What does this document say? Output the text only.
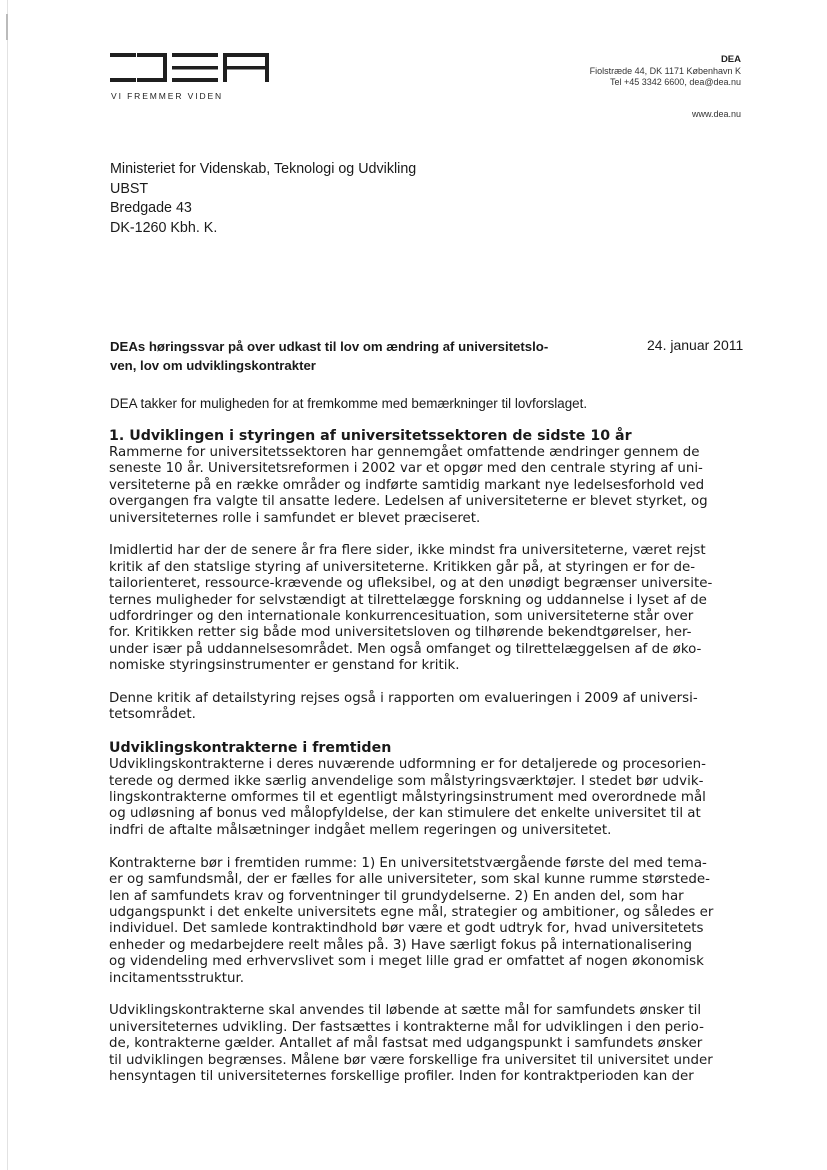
VI FREMMER VIDEN
DEA
Fiolstræde 44, DK 1171 København K
Tel +45 3342 6600, dea@dea.nu
www.dea.nu
Ministeriet for Videnskab, Teknologi og Udvikling
UBST
Bredgade 43
DK-1260 Kbh. K.
DEAs høringssvar på over udkast til lov om ændring af universitetslo-
ven, lov om udviklingskontrakter
24. januar 2011
DEA takker for muligheden for at fremkomme med bemærkninger til lovforslaget.
1. Udviklingen i styringen af universitetssektoren de sidste 10 år

Rammerne for universitetssektoren har gennemgået omfattende ændringer gennem de
seneste 10 år. Universitetsreformen i 2002 var et opgør med den centrale styring af uni-
versiteterne på en række områder og indførte samtidig markant nye ledelsesforhold ved
overgangen fra valgte til ansatte ledere. Ledelsen af universiteterne er blevet styrket, og
universiteternes rolle i samfundet er blevet præciseret.

Imidlertid har der de senere år fra flere sider, ikke mindst fra universiteterne, været rejst
kritik af den statslige styring af universiteterne. Kritikken går på, at styringen er for de-
tailorienteret, ressource-krævende og ufleksibel, og at den unødigt begrænser universite-
ternes muligheder for selvstændigt at tilrettelægge forskning og uddannelse i lyset af de
udfordringer og den internationale konkurrencesituation, som universiteterne står over
for. Kritikken retter sig både mod universitetsloven og tilhørende bekendtgørelser, her-
under især på uddannelsesområdet. Men også omfanget og tilrettelæggelsen af de øko-
nomiske styringsinstrumenter er genstand for kritik.

Denne kritik af detailstyring rejses også i rapporten om evalueringen i 2009 af universi-
tetsområdet.

Udviklingskontrakterne i fremtiden

Udviklingskontrakterne i deres nuværende udformning er for detaljerede og procesorien-
terede og dermed ikke særlig anvendelige som målstyringsværktøjer. I stedet bør udvik-
lingskontrakterne omformes til et egentligt målstyringsinstrument med overordnede mål
og udløsning af bonus ved målopfyldelse, der kan stimulere det enkelte universitet til at
indfri de aftalte målsætninger indgået mellem regeringen og universitetet.

Kontrakterne bør i fremtiden rumme: 1) En universitetstværgående første del med tema-
er og samfundsmål, der er fælles for alle universiteter, som skal kunne rumme størstede-
len af samfundets krav og forventninger til grundydelserne. 2) En anden del, som har
udgangspunkt i det enkelte universitets egne mål, strategier og ambitioner, og således er
individuel. Det samlede kontraktindhold bør være et godt udtryk for, hvad universitetets
enheder og medarbejdere reelt måles på. 3) Have særligt fokus på internationalisering
og videndeling med erhvervslivet som i meget lille grad er omfattet af nogen økonomisk
incitamentsstruktur.

Udviklingskontrakterne skal anvendes til løbende at sætte mål for samfundets ønsker til
universiteternes udvikling. Der fastsættes i kontrakterne mål for udviklingen i den perio-
de, kontrakterne gælder. Antallet af mål fastsat med udgangspunkt i samfundets ønsker
til udviklingen begrænses. Målene bør være forskellige fra universitet til universitet under
hensyntagen til universiteternes forskellige profiler. Inden for kontraktperioden kan der
